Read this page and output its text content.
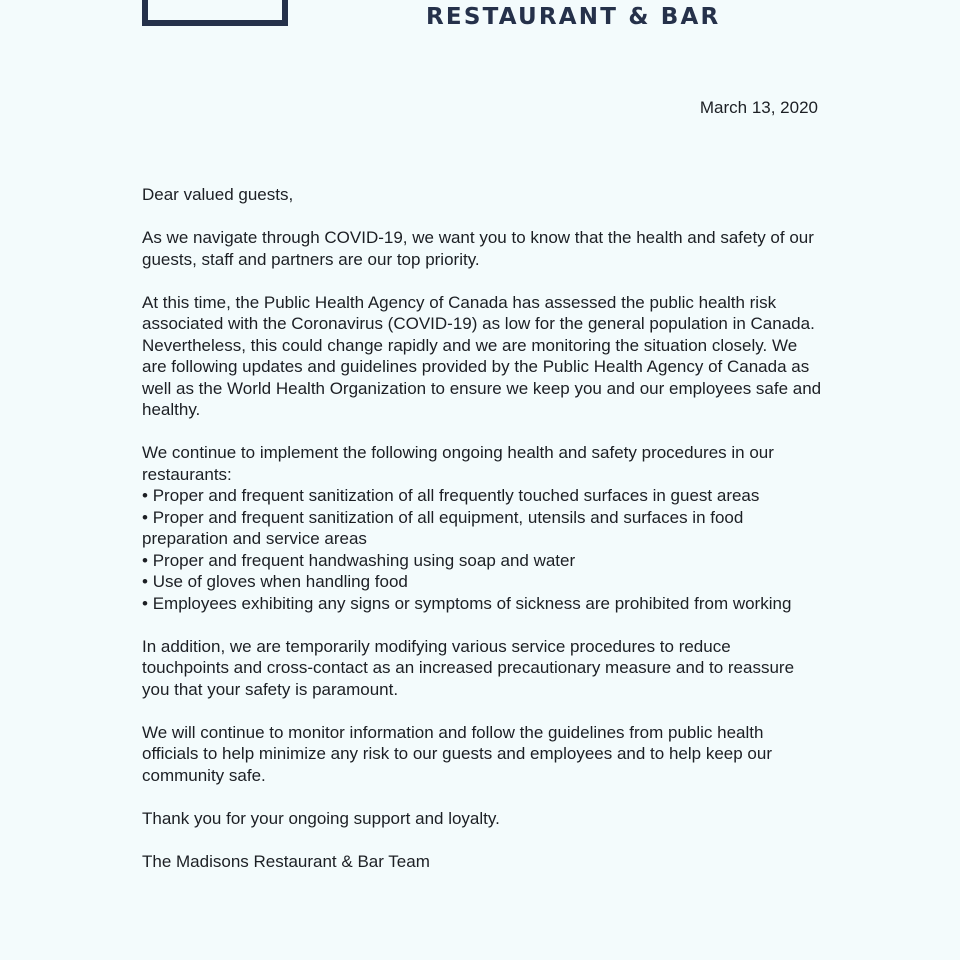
RESTAURANT & BAR
March 13, 2020

Dear valued guests,

As we navigate through COVID-19, we want you to know that the health and safety of our guests, staff and partners are our top priority.

At this time, the Public Health Agency of Canada has assessed the public health risk associated with the Coronavirus (COVID-19) as low for the general population in Canada. Nevertheless, this could change rapidly and we are monitoring the situation closely. We are following updates and guidelines provided by the Public Health Agency of Canada as well as the World Health Organization to ensure we keep you and our employees safe and healthy.

We continue to implement the following ongoing health and safety procedures in our restaurants:
• Proper and frequent sanitization of all frequently touched surfaces in guest areas
• Proper and frequent sanitization of all equipment, utensils and surfaces in food preparation and service areas
• Proper and frequent handwashing using soap and water
• Use of gloves when handling food
• Employees exhibiting any signs or symptoms of sickness are prohibited from working

In addition, we are temporarily modifying various service procedures to reduce touchpoints and cross-contact as an increased precautionary measure and to reassure you that your safety is paramount.

We will continue to monitor information and follow the guidelines from public health officials to help minimize any risk to our guests and employees and to help keep our community safe.

Thank you for your ongoing support and loyalty.

The Madisons Restaurant & Bar Team
